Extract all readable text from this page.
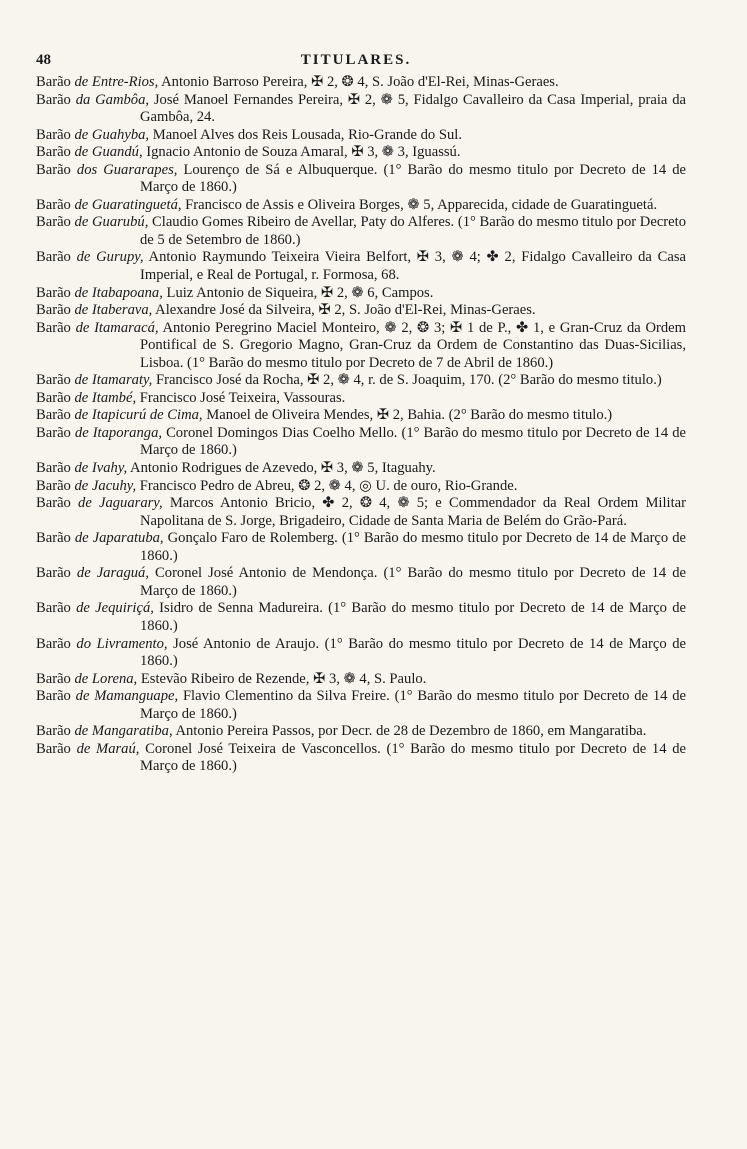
48	TITULARES.

Barão de Entre-Rios, Antonio Barroso Pereira, ✠ 2, ❂ 4, S. João d'El-Rei, Minas-Geraes.

Barão da Gambôa, José Manoel Fernandes Pereira, ✠ 2, ❁ 5, Fidalgo Cavalleiro da Casa Imperial, praia da Gambôa, 24.

Barão de Guahyba, Manoel Alves dos Reis Lousada, Rio-Grande do Sul.

Barão de Guandú, Ignacio Antonio de Souza Amaral, ✠ 3, ❁ 3, Iguassú.

Barão dos Guararapes, Lourenço de Sá e Albuquerque. (1° Barão do mesmo titulo por Decreto de 14 de Março de 1860.)

Barão de Guaratinguetá, Francisco de Assis e Oliveira Borges, ❁ 5, Apparecida, cidade de Guaratinguetá.

Barão de Guarubú, Claudio Gomes Ribeiro de Avellar, Paty do Alferes. (1° Barão do mesmo titulo por Decreto de 5 de Setembro de 1860.)

Barão de Gurupy, Antonio Raymundo Teixeira Vieira Belfort, ✠ 3, ❁ 4; ✤ 2, Fidalgo Cavalleiro da Casa Imperial, e Real de Portugal, r. Formosa, 68.

Barão de Itabapoana, Luiz Antonio de Siqueira, ✠ 2, ❁ 6, Campos.

Barão de Itaberava, Alexandre José da Silveira, ✠ 2, S. João d'El-Rei, Minas-Geraes.

Barão de Itamaracá, Antonio Peregrino Maciel Monteiro, ❁ 2, ❂ 3; ✠ 1 de P., ✤ 1, e Gran-Cruz da Ordem Pontifical de S. Gregorio Magno, Gran-Cruz da Ordem de Constantino das Duas-Sicilias, Lisboa. (1° Barão do mesmo titulo por Decreto de 7 de Abril de 1860.)

Barão de Itamaraty, Francisco José da Rocha, ✠ 2, ❁ 4, r. de S. Joaquim, 170. (2° Barão do mesmo titulo.)

Barão de Itambé, Francisco José Teixeira, Vassouras.

Barão de Itapicurú de Cima, Manoel de Oliveira Mendes, ✠ 2, Bahia. (2° Barão do mesmo titulo.)

Barão de Itaporanga, Coronel Domingos Dias Coelho Mello. (1° Barão do mesmo titulo por Decreto de 14 de Março de 1860.)

Barão de Ivahy, Antonio Rodrigues de Azevedo, ✠ 3, ❁ 5, Itaguahy.

Barão de Jacuhy, Francisco Pedro de Abreu, ❂ 2, ❁ 4, ◎ U. de ouro, Rio-Grande.

Barão de Jaguarary, Marcos Antonio Bricio, ✤ 2, ❂ 4, ❁ 5; e Commendador da Real Ordem Militar Napolitana de S. Jorge, Brigadeiro, Cidade de Santa Maria de Belém do Grão-Pará.

Barão de Japaratuba, Gonçalo Faro de Rolemberg. (1° Barão do mesmo titulo por Decreto de 14 de Março de 1860.)

Barão de Jaraguá, Coronel José Antonio de Mendonça. (1° Barão do mesmo titulo por Decreto de 14 de Março de 1860.)

Barão de Jequiriçá, Isidro de Senna Madureira. (1° Barão do mesmo titulo por Decreto de 14 de Março de 1860.)

Barão do Livramento, José Antonio de Araujo. (1° Barão do mesmo titulo por Decreto de 14 de Março de 1860.)

Barão de Lorena, Estevão Ribeiro de Rezende, ✠ 3, ❁ 4, S. Paulo.

Barão de Mamanguape, Flavio Clementino da Silva Freire. (1° Barão do mesmo titulo por Decreto de 14 de Março de 1860.)

Barão de Mangaratiba, Antonio Pereira Passos, por Decr. de 28 de Dezembro de 1860, em Mangaratiba.

Barão de Maraú, Coronel José Teixeira de Vasconcellos. (1° Barão do mesmo titulo por Decreto de 14 de Março de 1860.)
